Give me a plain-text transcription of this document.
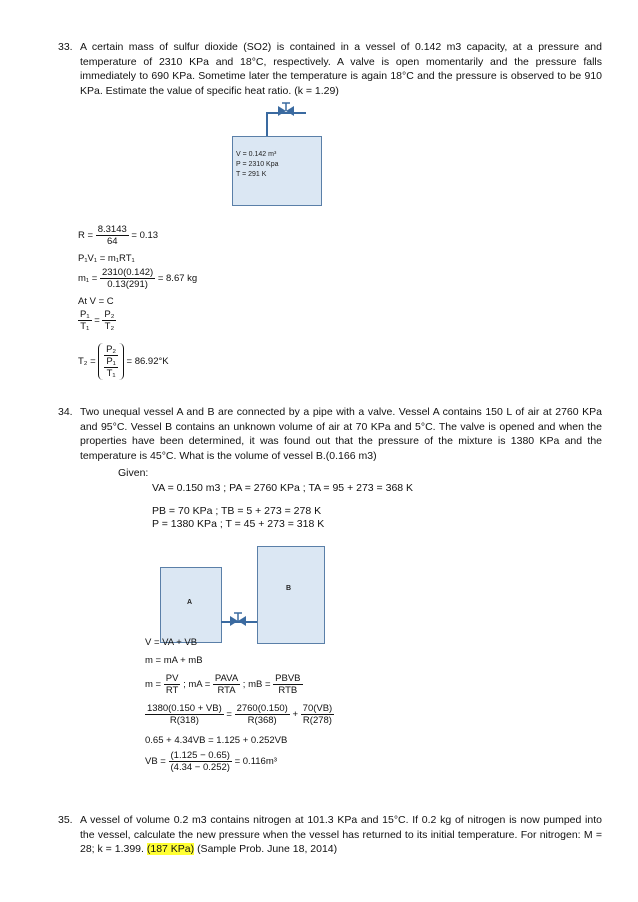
33. A certain mass of sulfur dioxide (SO2) is contained in a vessel of 0.142 m3 capacity, at a pressure and temperature of 2310 KPa and 18°C, respectively. A valve is open momentarily and the pressure falls immediately to 690 KPa. Sometime later the temperature is again 18°C and the pressure is observed to be 910 KPa. Estimate the value of specific heat ratio. (k = 1.29)
V = 0.142 m³
P = 2310 Kpa
T = 291 K
$R = \frac{8.3143}{64} = 0.13$
P₁V₁ = m₁RT₁
$m_1 = \frac{2310(0.142)}{0.13(291)} = 8.67$ kg
At V = C
$\frac{\text{P₁}}{\text{T₁}} = \frac{\text{P₂}}{\text{T₂}}$
$T_2 = \frac{\text{P₂}}{\frac{\text{P₁}}{\text{T₁}}} = 86.92^\circ K$
34. Two unequal vessel A and B are connected by a pipe with a valve. Vessel A contains 150 L of air at 2760 KPa and 95°C. Vessel B contains an unknown volume of air at 70 KPa and 5°C. The valve is opened and when the properties have been determined, it was found out that the pressure of the mixture is 1380 KPa and the temperature is 45°C. What is the volume of vessel B.(0.166 m3)
Given:
VA = 0.150 m3 ; PA = 2760 KPa ; TA = 95 + 273 = 368 K
PB = 70 KPa ; TB = 5 + 273 = 278 K
P = 1380 KPa ; T = 45 + 273 = 318 K
A
B
V = VA + VB
m = mA + mB
$m = \frac{PV}{RT}$ ; mA = $\frac{\text{PAVA}}{\text{RTA}}$ ; mB = $\frac{\text{PBVB}}{\text{RTB}}$
$\frac{1380(0.150 + VB)}{R(318)} = \frac{2760(0.150)}{R(368)} + \frac{70(VB)}{R(278)}$
0.65 + 4.34VB = 1.125 + 0.252VB
VB = $\frac{(1.125 - 0.65)}{(4.34 - 0.252)} = 0.116m^3$
35. A vessel of volume 0.2 m3 contains nitrogen at 101.3 KPa and 15°C. If 0.2 kg of nitrogen is now pumped into the vessel, calculate the new pressure when the vessel has returned to its initial temperature. For nitrogen: M = 28; k = 1.399. (187 KPa) (Sample Prob. June 18, 2014)
